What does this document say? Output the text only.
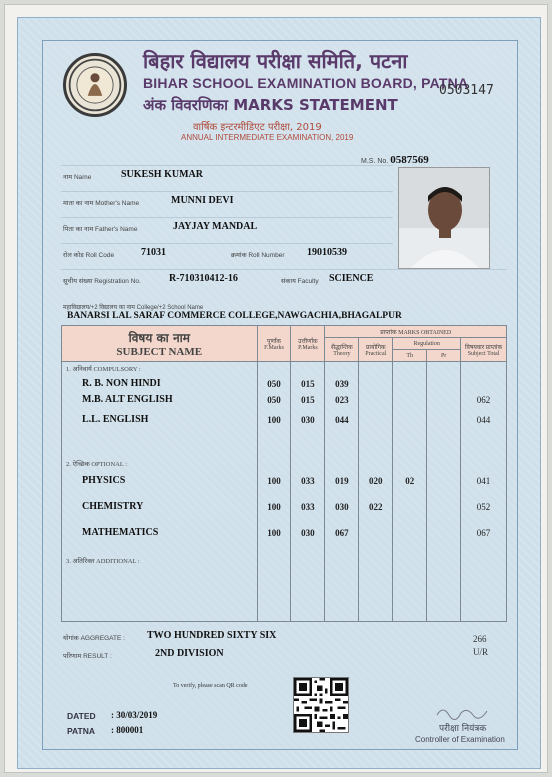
बिहार विद्यालय परीक्षा समिति, पटना
BIHAR SCHOOL EXAMINATION BOARD, PATNA
अंक विवरणिका MARKS STATEMENT
वार्षिक इन्टरमीडिएट परीक्षा, 2019
ANNUAL INTERMEDIATE EXAMINATION, 2019
0503147
M.S. No. 0587569
नाम Name	SUKESH KUMAR
माता का नाम Mother's Name	MUNNI DEVI
पिता का नाम Father's Name	JAYJAY MANDAL
रोल कोड Roll Code	71031	क्रमांक Roll Number 19010539
सूचीय संख्या Registration No.	R-710310412-16	संकाय Faculty SCIENCE
महाविद्यालय/+2 विद्यालय का नाम College/+2 School Name
BANARSI LAL SARAF COMMERCE COLLEGE,NAWGACHIA,BHAGALPUR
विषय का नाम
SUBJECT NAME	पूर्णांक F.Marks	उत्तीर्णांक P.Marks	प्राप्तांक MARKS OBTAINED				
			सैद्धान्तिक Theory	प्रायोगिक Practical	Regulation		विषयवार प्राप्तांक Subject Total
					Th	Pr	
1. अनिवार्य COMPULSORY :							
R. B. NON HINDI	050	015	039				
M.B. ALT ENGLISH	050	015	023				062
L.L. ENGLISH	100	030	044				044
2. ऐच्छिक OPTIONAL :							
PHYSICS	100	033	019	020	02		041
CHEMISTRY	100	033	030	022			052
MATHEMATICS	100	030	067				067
3. अतिरिक्त ADDITIONAL :							
योगांक AGGREGATE : TWO HUNDRED SIXTY SIX	266
परिणाम RESULT :	2ND DIVISION	U/R
To verify, please scan QR code
DATED : 30/03/2019
PATNA : 800001	परीक्षा नियंत्रक
Controller of Examination
